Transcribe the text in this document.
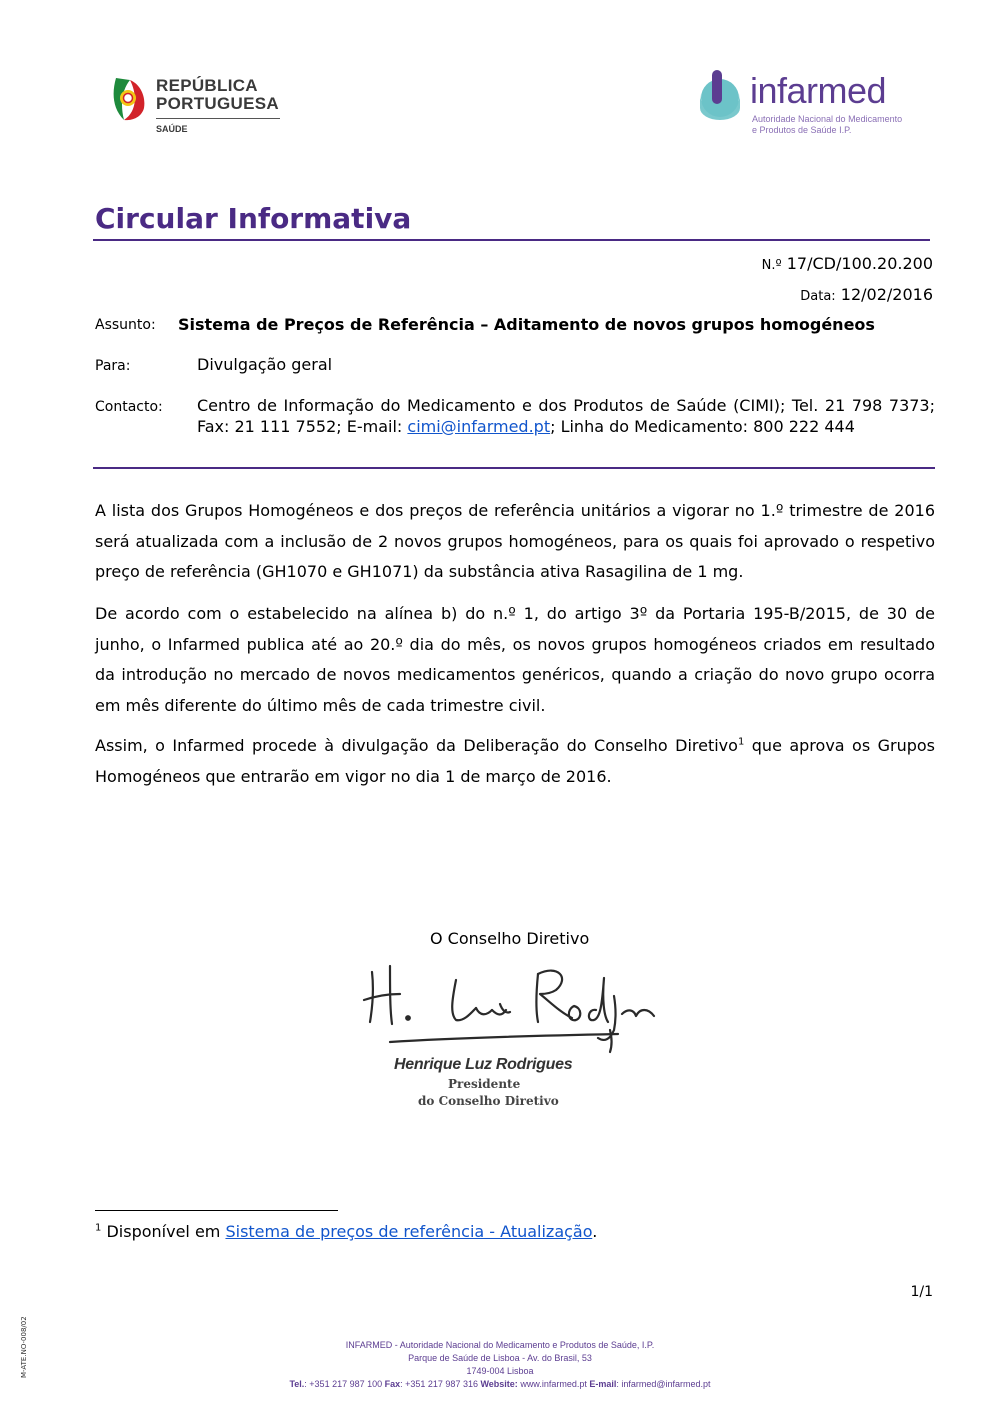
REPÚBLICA
PORTUGUESA
SAÚDE
infarmed
Autoridade Nacional do Medicamento
e Produtos de Saúde I.P.
Circular Informativa
N.º 17/CD/100.20.200
Data: 12/02/2016
Assunto: Sistema de Preços de Referência – Aditamento de novos grupos homogéneos
Para:	Divulgação geral
Contacto: Centro de Informação do Medicamento e dos Produtos de Saúde (CIMI); Tel. 21 798 7373; Fax: 21 111 7552; E-mail: cimi@infarmed.pt; Linha do Medicamento: 800 222 444
A lista dos Grupos Homogéneos e dos preços de referência unitários a vigorar no 1.º trimestre de 2016 será atualizada com a inclusão de 2 novos grupos homogéneos, para os quais foi aprovado o respetivo preço de referência (GH1070 e GH1071) da substância ativa Rasagilina de 1 mg.
De acordo com o estabelecido na alínea b) do n.º 1, do artigo 3º da Portaria 195-B/2015, de 30 de junho, o Infarmed publica até ao 20.º dia do mês, os novos grupos homogéneos criados em resultado da introdução no mercado de novos medicamentos genéricos, quando a criação do novo grupo ocorra em mês diferente do último mês de cada trimestre civil.
Assim, o Infarmed procede à divulgação da Deliberação do Conselho Diretivo$^1$ que aprova os Grupos Homogéneos que entrarão em vigor no dia 1 de março de 2016.
O Conselho Diretivo
Henrique Luz Rodrigues
Presidente
do Conselho Diretivo
$^1$ Disponível em Sistema de preços de referência - Atualização.
1/1
M-ATE.NO-008/02	INFARMED - Autoridade Nacional do Medicamento e Produtos de Saúde, I.P.
Parque de Saúde de Lisboa - Av. do Brasil, 53
1749-004 Lisboa
Tel.: +351 217 987 100 Fax: +351 217 987 316 Website: www.infarmed.pt E-mail: infarmed@infarmed.pt
